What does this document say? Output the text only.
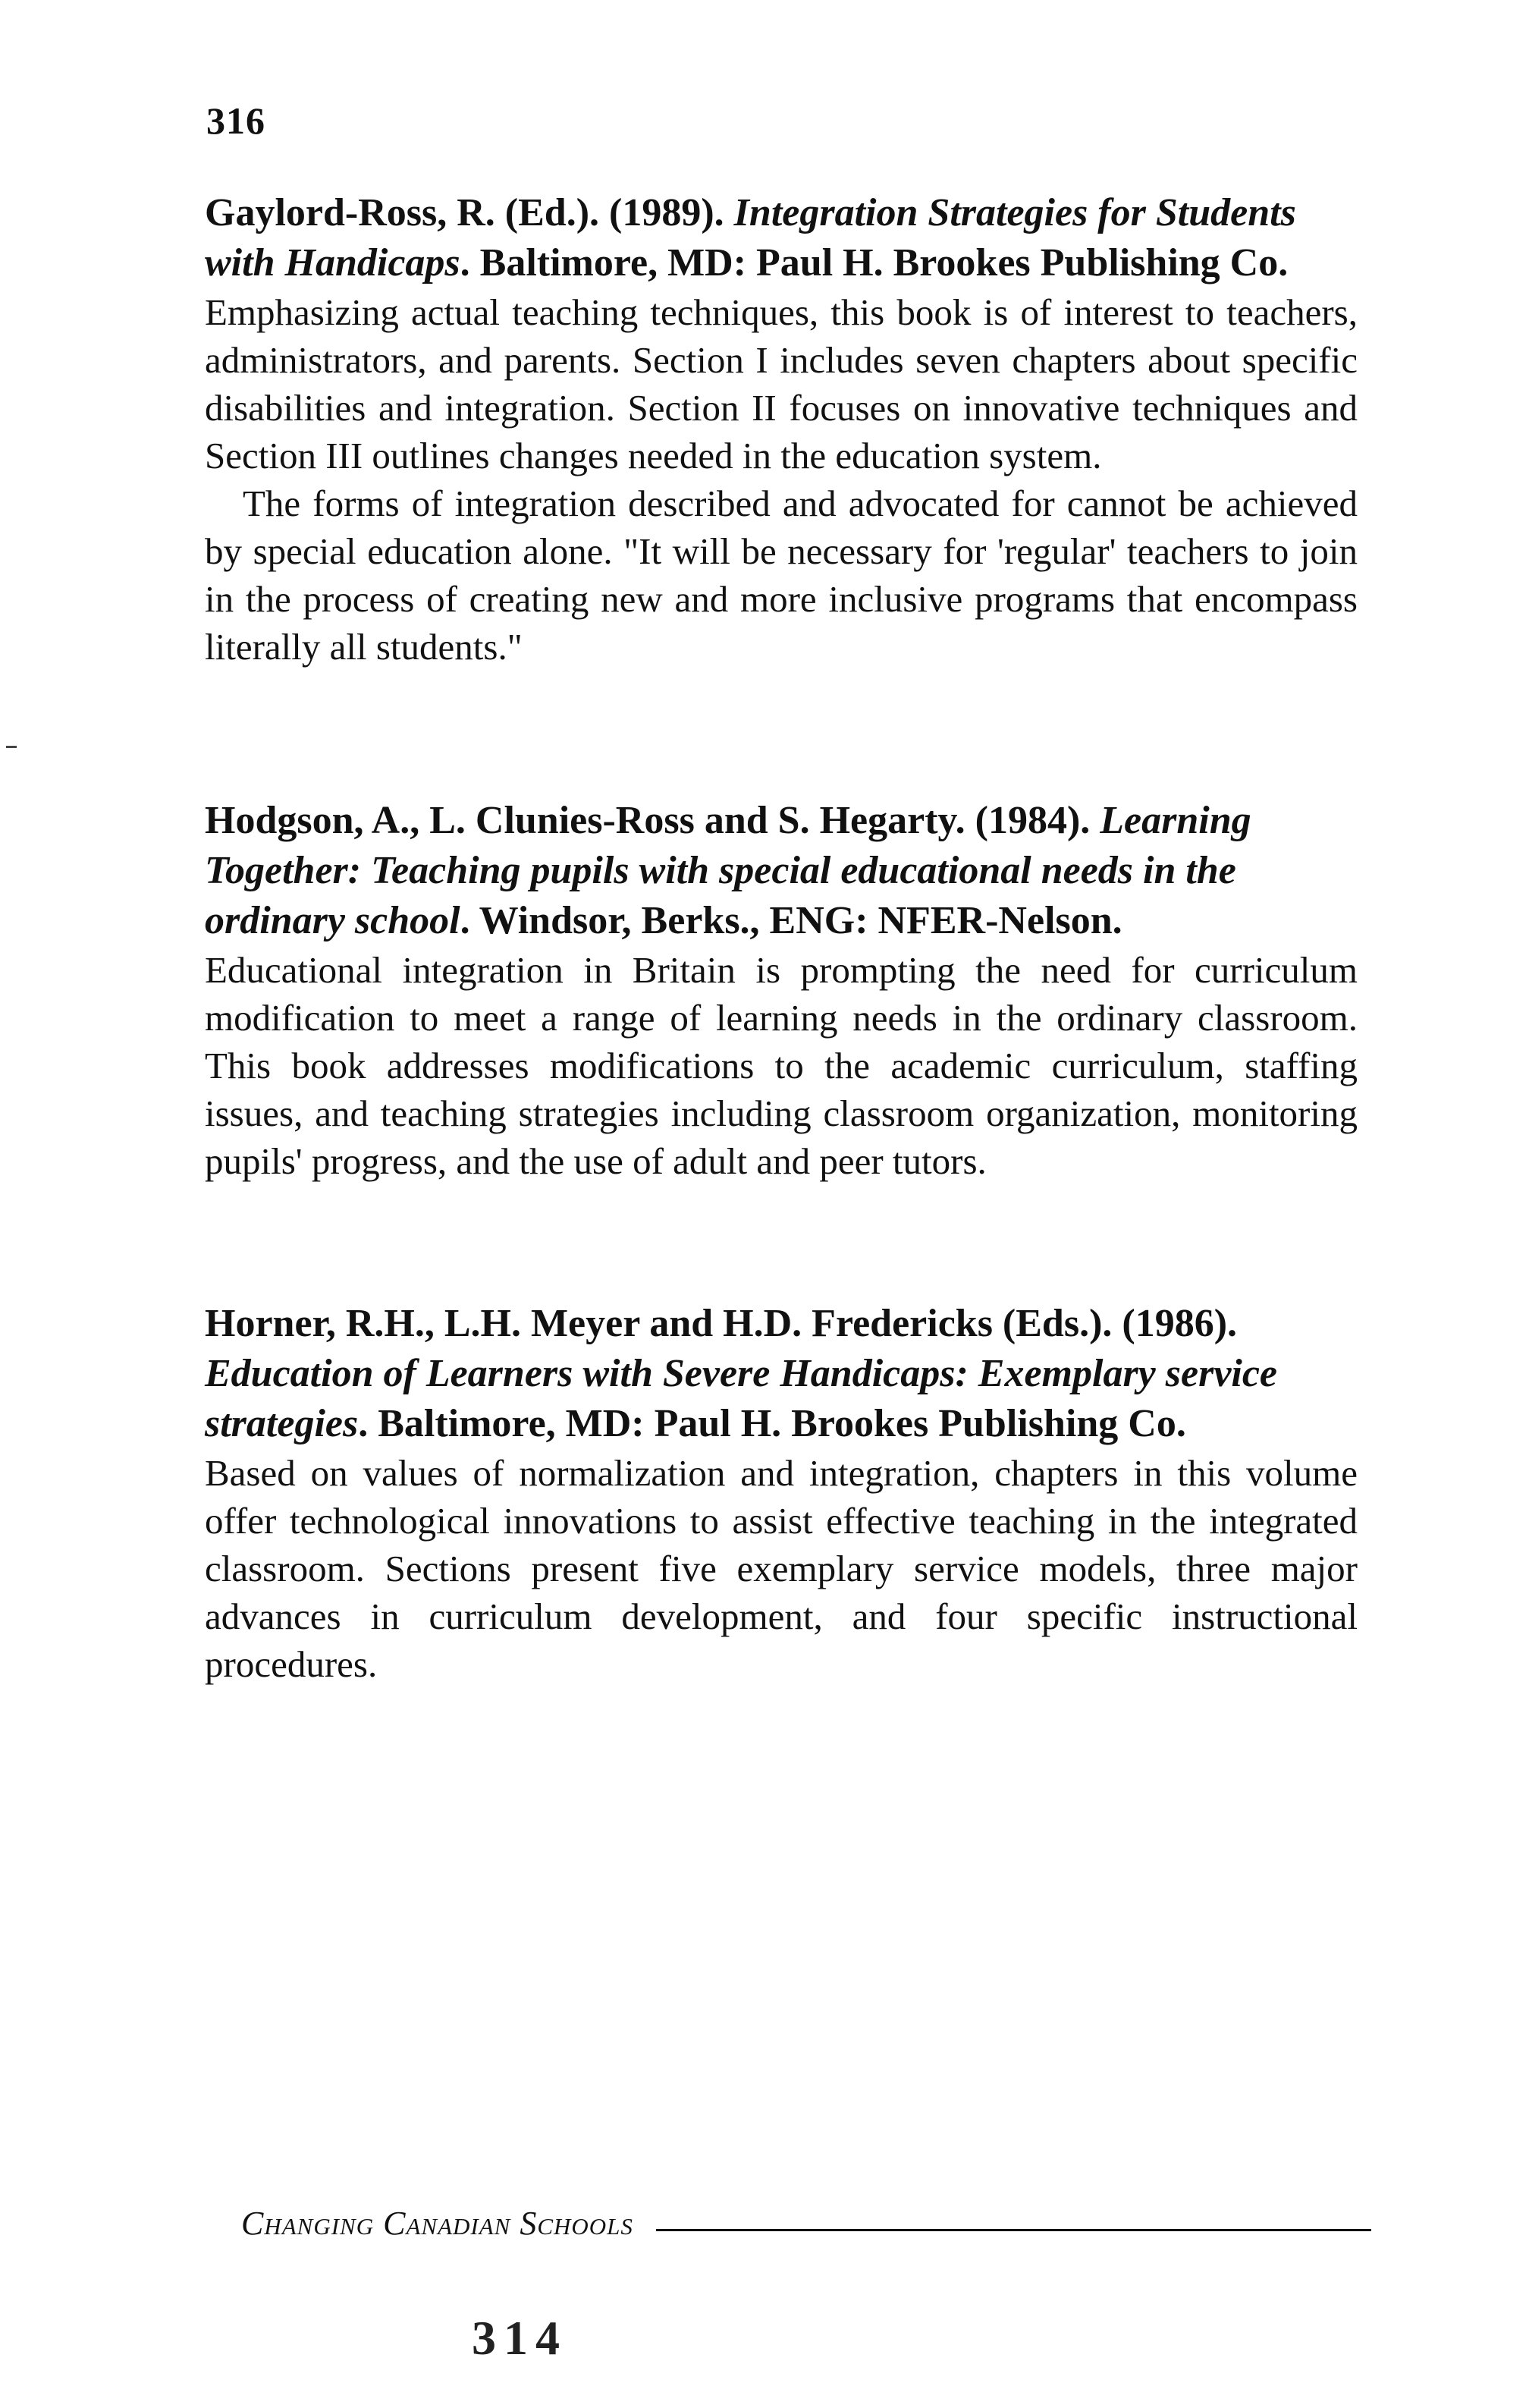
316

Gaylord-Ross, R. (Ed.). (1989). Integration Strategies for Students with Handicaps. Baltimore, MD: Paul H. Brookes Publishing Co.

Emphasizing actual teaching techniques, this book is of interest to teachers, administrators, and parents. Section I includes seven chapters about specific disabilities and integration. Section II focuses on innovative techniques and Section III outlines changes needed in the education system.

The forms of integration described and advocated for cannot be achieved by special education alone. "It will be necessary for 'regular' teachers to join in the process of creating new and more inclusive programs that encompass literally all students."

Hodgson, A., L. Clunies-Ross and S. Hegarty. (1984). Learning Together: Teaching pupils with special educational needs in the ordinary school. Windsor, Berks., ENG: NFER-Nelson.

Educational integration in Britain is prompting the need for curriculum modification to meet a range of learning needs in the ordinary classroom. This book addresses modifications to the academic curriculum, staffing issues, and teaching strategies including classroom organization, monitoring pupils' progress, and the use of adult and peer tutors.

Horner, R.H., L.H. Meyer and H.D. Fredericks (Eds.). (1986). Education of Learners with Severe Handicaps: Exemplary service strategies. Baltimore, MD: Paul H. Brookes Publishing Co.

Based on values of normalization and integration, chapters in this volume offer technological innovations to assist effective teaching in the integrated classroom. Sections present five exemplary service models, three major advances in curriculum development, and four specific instructional procedures.

Changing Canadian Schools
314
